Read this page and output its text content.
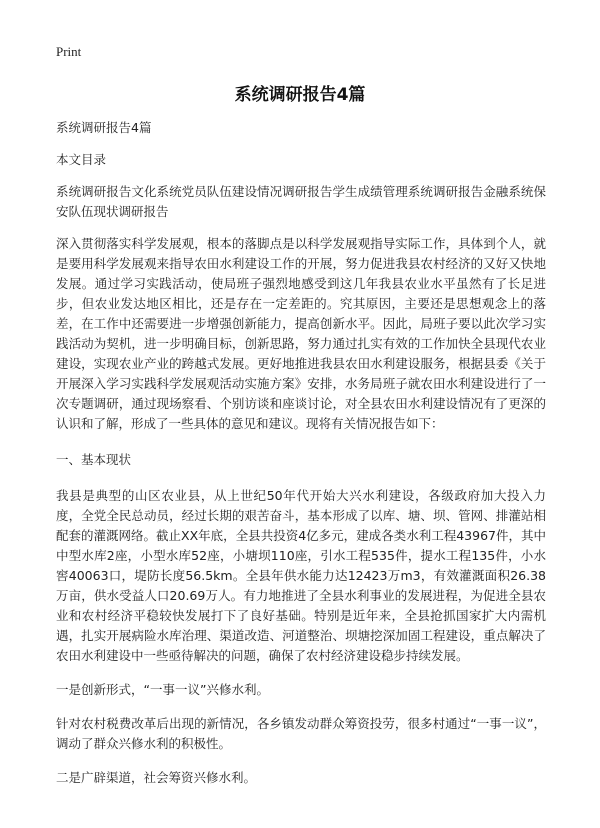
Print
系统调研报告4篇

系统调研报告4篇

本文目录

系统调研报告文化系统党员队伍建设情况调研报告学生成绩管理系统调研报告金融系统保安队伍现状调研报告

深入贯彻落实科学发展观，根本的落脚点是以科学发展观指导实际工作，具体到个人，就是要用科学发展观来指导农田水利建设工作的开展，努力促进我县农村经济的又好又快地发展。通过学习实践活动，使局班子强烈地感受到这几年我县农业水平虽然有了长足进步，但农业发达地区相比，还是存在一定差距的。究其原因，主要还是思想观念上的落差，在工作中还需要进一步增强创新能力，提高创新水平。因此，局班子要以此次学习实践活动为契机，进一步明确目标，创新思路，努力通过扎实有效的工作加快全县现代农业建设，实现农业产业的跨越式发展。更好地推进我县农田水利建设服务，根据县委《关于开展深入学习实践科学发展观活动实施方案》安排，水务局班子就农田水利建设进行了一次专题调研，通过现场察看、个别访谈和座谈讨论，对全县农田水利建设情况有了更深的认识和了解，形成了一些具体的意见和建议。现将有关情况报告如下：

一、基本现状

我县是典型的山区农业县，从上世纪50年代开始大兴水利建设，各级政府加大投入力度，全党全民总动员，经过长期的艰苦奋斗，基本形成了以库、塘、坝、管网、排灌站相配套的灌溉网络。截止XX年底，全县共投资4亿多元，建成各类水利工程43967件，其中中型水库2座，小型水库52座，小塘坝110座，引水工程535件，提水工程135件，小水窖40063口，堤防长度56.5km。全县年供水能力达12423万m3，有效灌溉面积26.38万亩，供水受益人口20.69万人。有力地推进了全县水利事业的发展进程，为促进全县农业和农村经济平稳较快发展打下了良好基础。特别是近年来，全县抢抓国家扩大内需机遇，扎实开展病险水库治理、渠道改造、河道整治、坝塘挖深加固工程建设，重点解决了农田水利建设中一些亟待解决的问题，确保了农村经济建设稳步持续发展。

一是创新形式，“一事一议”兴修水利。

针对农村税费改革后出现的新情况，各乡镇发动群众筹资投劳，很多村通过“一事一议”，调动了群众兴修水利的积极性。

二是广辟渠道，社会筹资兴修水利。
